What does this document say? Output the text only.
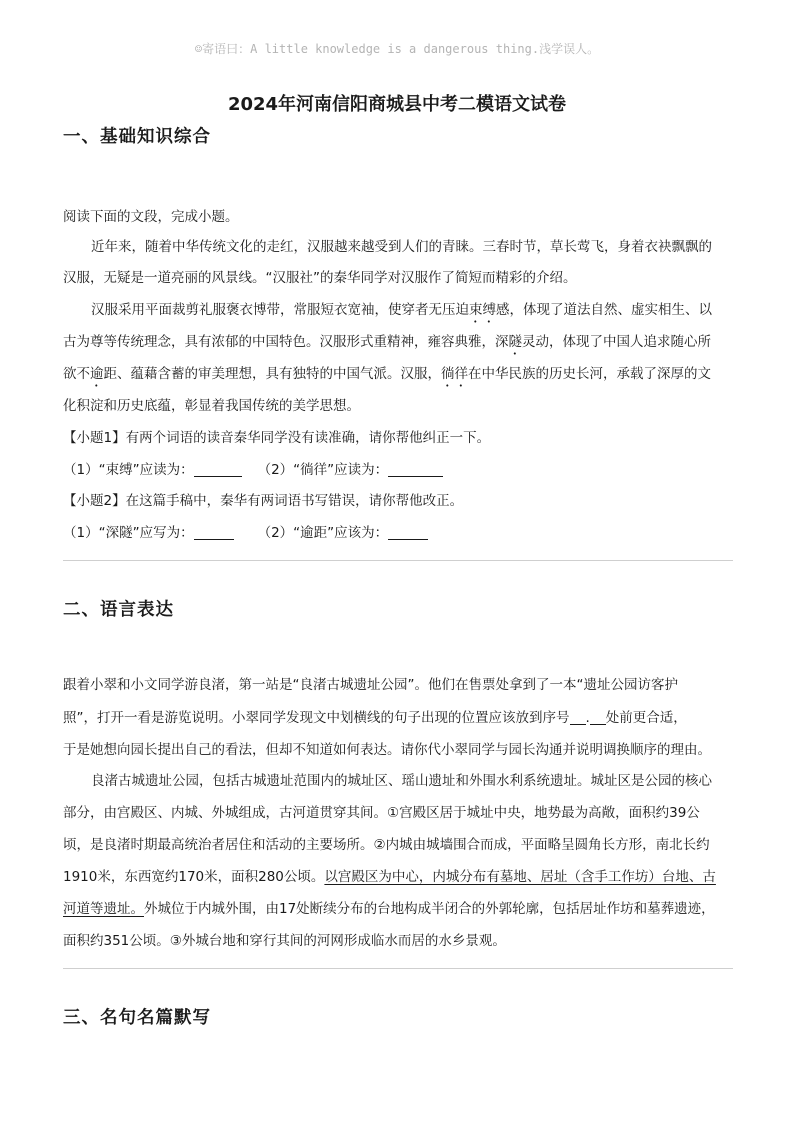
☺寄语曰：A little knowledge is a dangerous thing.浅学误人。
2024年河南信阳商城县中考二模语文试卷
一、基础知识综合
阅读下面的文段，完成小题。
近年来，随着中华传统文化的走红，汉服越来越受到人们的青睐。三春时节，草长莺飞，身着衣袂飘飘的
汉服，无疑是一道亮丽的风景线。“汉服社”的秦华同学对汉服作了简短而精彩的介绍。
汉服采用平面裁剪礼服褒衣博带，常服短衣宽袖，使穿者无压迫束缚感，体现了道法自然、虚实相生、以
古为尊等传统理念，具有浓郁的中国特色。汉服形式重精神，雍容典雅，深隧灵动，体现了中国人追求随心所
欲不逾距、蕴藉含蓄的审美理想，具有独特的中国气派。汉服，徜徉在中华民族的历史长河，承载了深厚的文
化积淀和历史底蕴，彰显着我国传统的美学思想。
【小题1】有两个词语的读音秦华同学没有读准确，请你帮他纠正一下。
（1）“束缚”应读为：	（2）“徜徉”应读为：
【小题2】在这篇手稿中，秦华有两词语书写错误，请你帮他改正。
（1）“深隧”应写为：	（2）“逾距”应该为：
二、语言表达
跟着小翠和小文同学游良渚，第一站是“良渚古城遗址公园”。他们在售票处拿到了一本“遗址公园访客护
照”，打开一看是游览说明。小翠同学发现文中划横线的句子出现的位置应该放到序号 . 处前更合适，
于是她想向园长提出自己的看法，但却不知道如何表达。请你代小翠同学与园长沟通并说明调换顺序的理由。
良渚古城遗址公园，包括古城遗址范围内的城址区、瑶山遗址和外围水利系统遗址。城址区是公园的核心
部分，由宫殿区、内城、外城组成，古河道贯穿其间。①宫殿区居于城址中央，地势最为高敞，面积约39公
顷，是良渚时期最高统治者居住和活动的主要场所。②内城由城墙围合而成，平面略呈圆角长方形，南北长约
1910米，东西宽约170米，面积280公顷。以宫殿区为中心，内城分布有墓地、居址（含手工作坊）台地、古
河道等遗址。外城位于内城外围，由17处断续分布的台地构成半闭合的外郭轮廓，包括居址作坊和墓葬遗迹，
面积约351公顷。③外城台地和穿行其间的河网形成临水而居的水乡景观。
三、名句名篇默写
